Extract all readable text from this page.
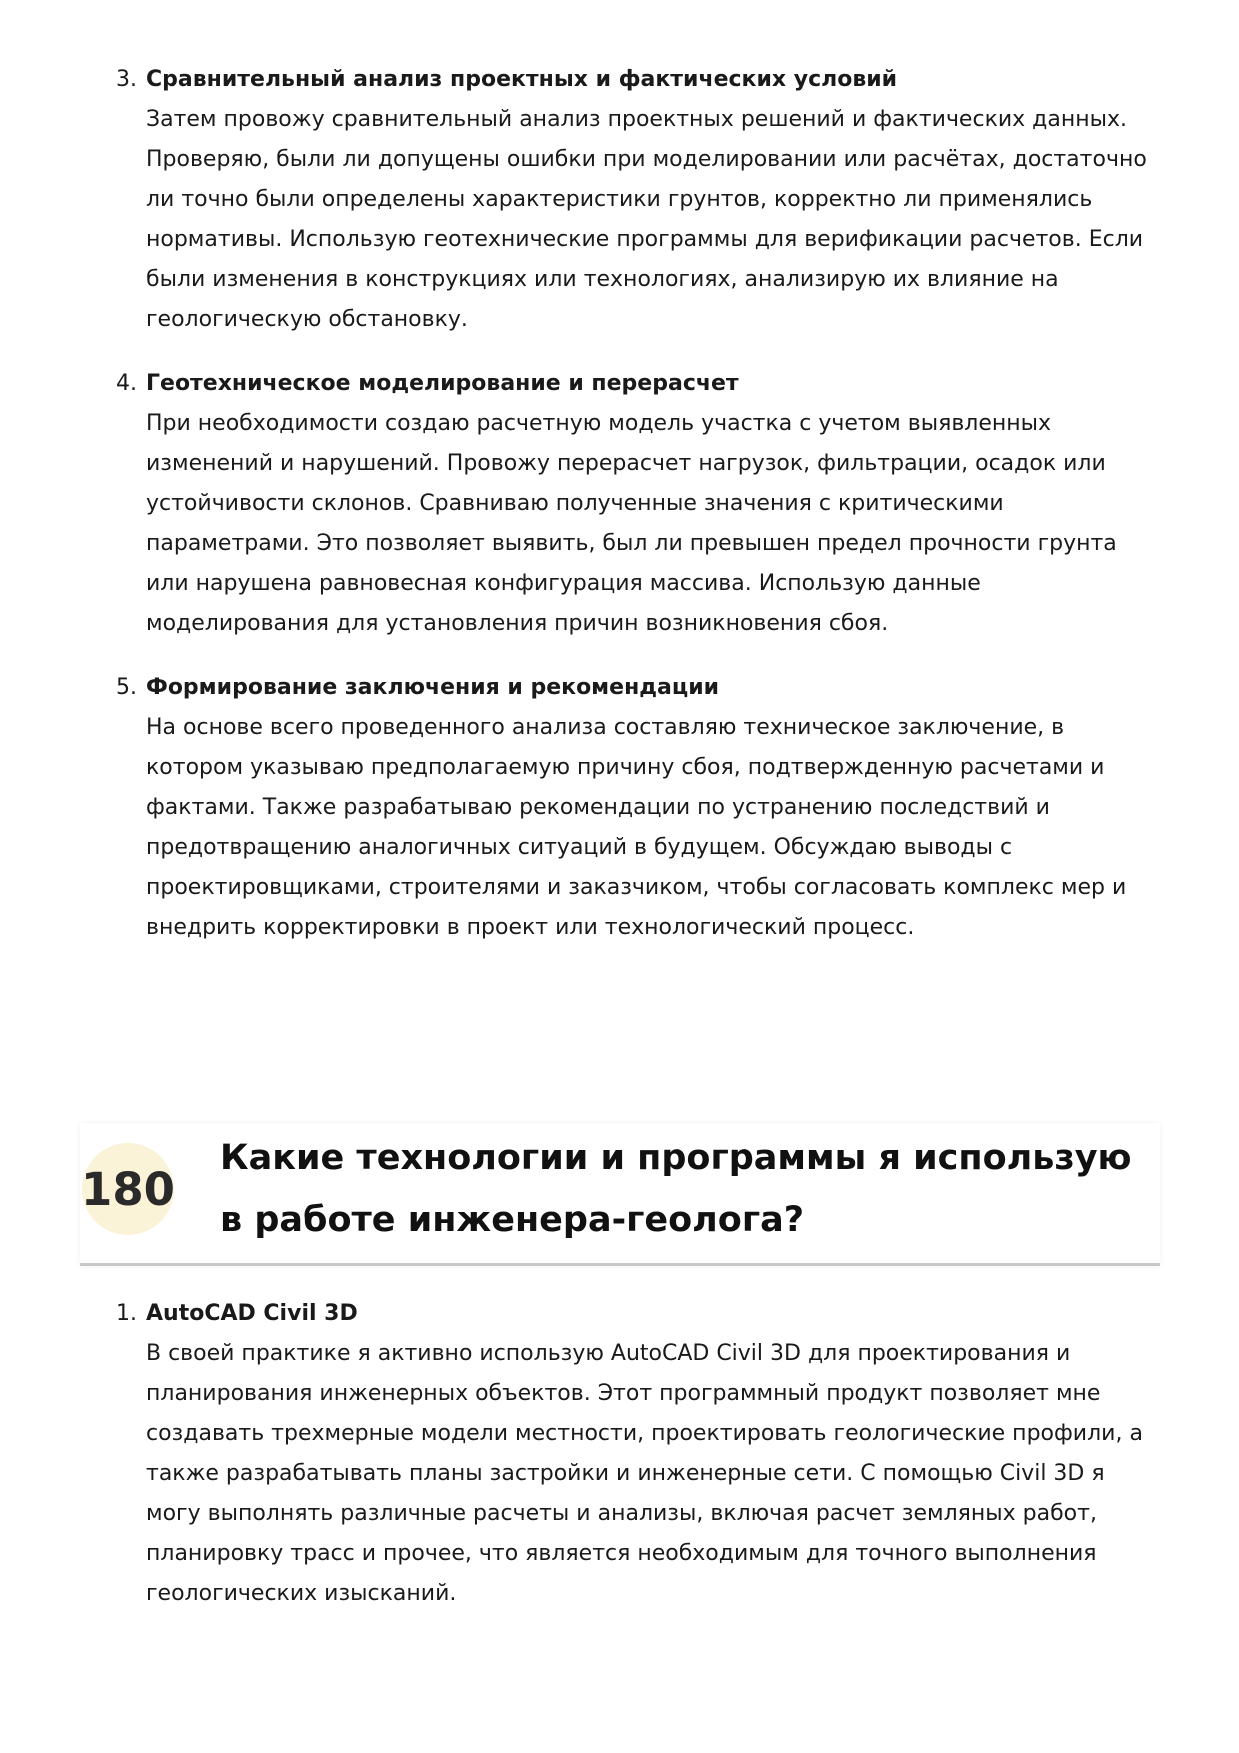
3. Сравнительный анализ проектных и фактических условий
Затем провожу сравнительный анализ проектных решений и фактических данных. Проверяю, были ли допущены ошибки при моделировании или расчётах, достаточно ли точно были определены характеристики грунтов, корректно ли применялись нормативы. Использую геотехнические программы для верификации расчетов. Если были изменения в конструкциях или технологиях, анализирую их влияние на геологическую обстановку.
4. Геотехническое моделирование и перерасчет
При необходимости создаю расчетную модель участка с учетом выявленных изменений и нарушений. Провожу перерасчет нагрузок, фильтрации, осадок или устойчивости склонов. Сравниваю полученные значения с критическими параметрами. Это позволяет выявить, был ли превышен предел прочности грунта или нарушена равновесная конфигурация массива. Использую данные моделирования для установления причин возникновения сбоя.
5. Формирование заключения и рекомендации
На основе всего проведенного анализа составляю техническое заключение, в котором указываю предполагаемую причину сбоя, подтвержденную расчетами и фактами. Также разрабатываю рекомендации по устранению последствий и предотвращению аналогичных ситуаций в будущем. Обсуждаю выводы с проектировщиками, строителями и заказчиком, чтобы согласовать комплекс мер и внедрить корректировки в проект или технологический процесс.
180
Какие технологии и программы я использую в работе инженера-геолога?
1. AutoCAD Civil 3D
В своей практике я активно использую AutoCAD Civil 3D для проектирования и планирования инженерных объектов. Этот программный продукт позволяет мне создавать трехмерные модели местности, проектировать геологические профили, а также разрабатывать планы застройки и инженерные сети. С помощью Civil 3D я могу выполнять различные расчеты и анализы, включая расчет земляных работ, планировку трасс и прочее, что является необходимым для точного выполнения геологических изысканий.
